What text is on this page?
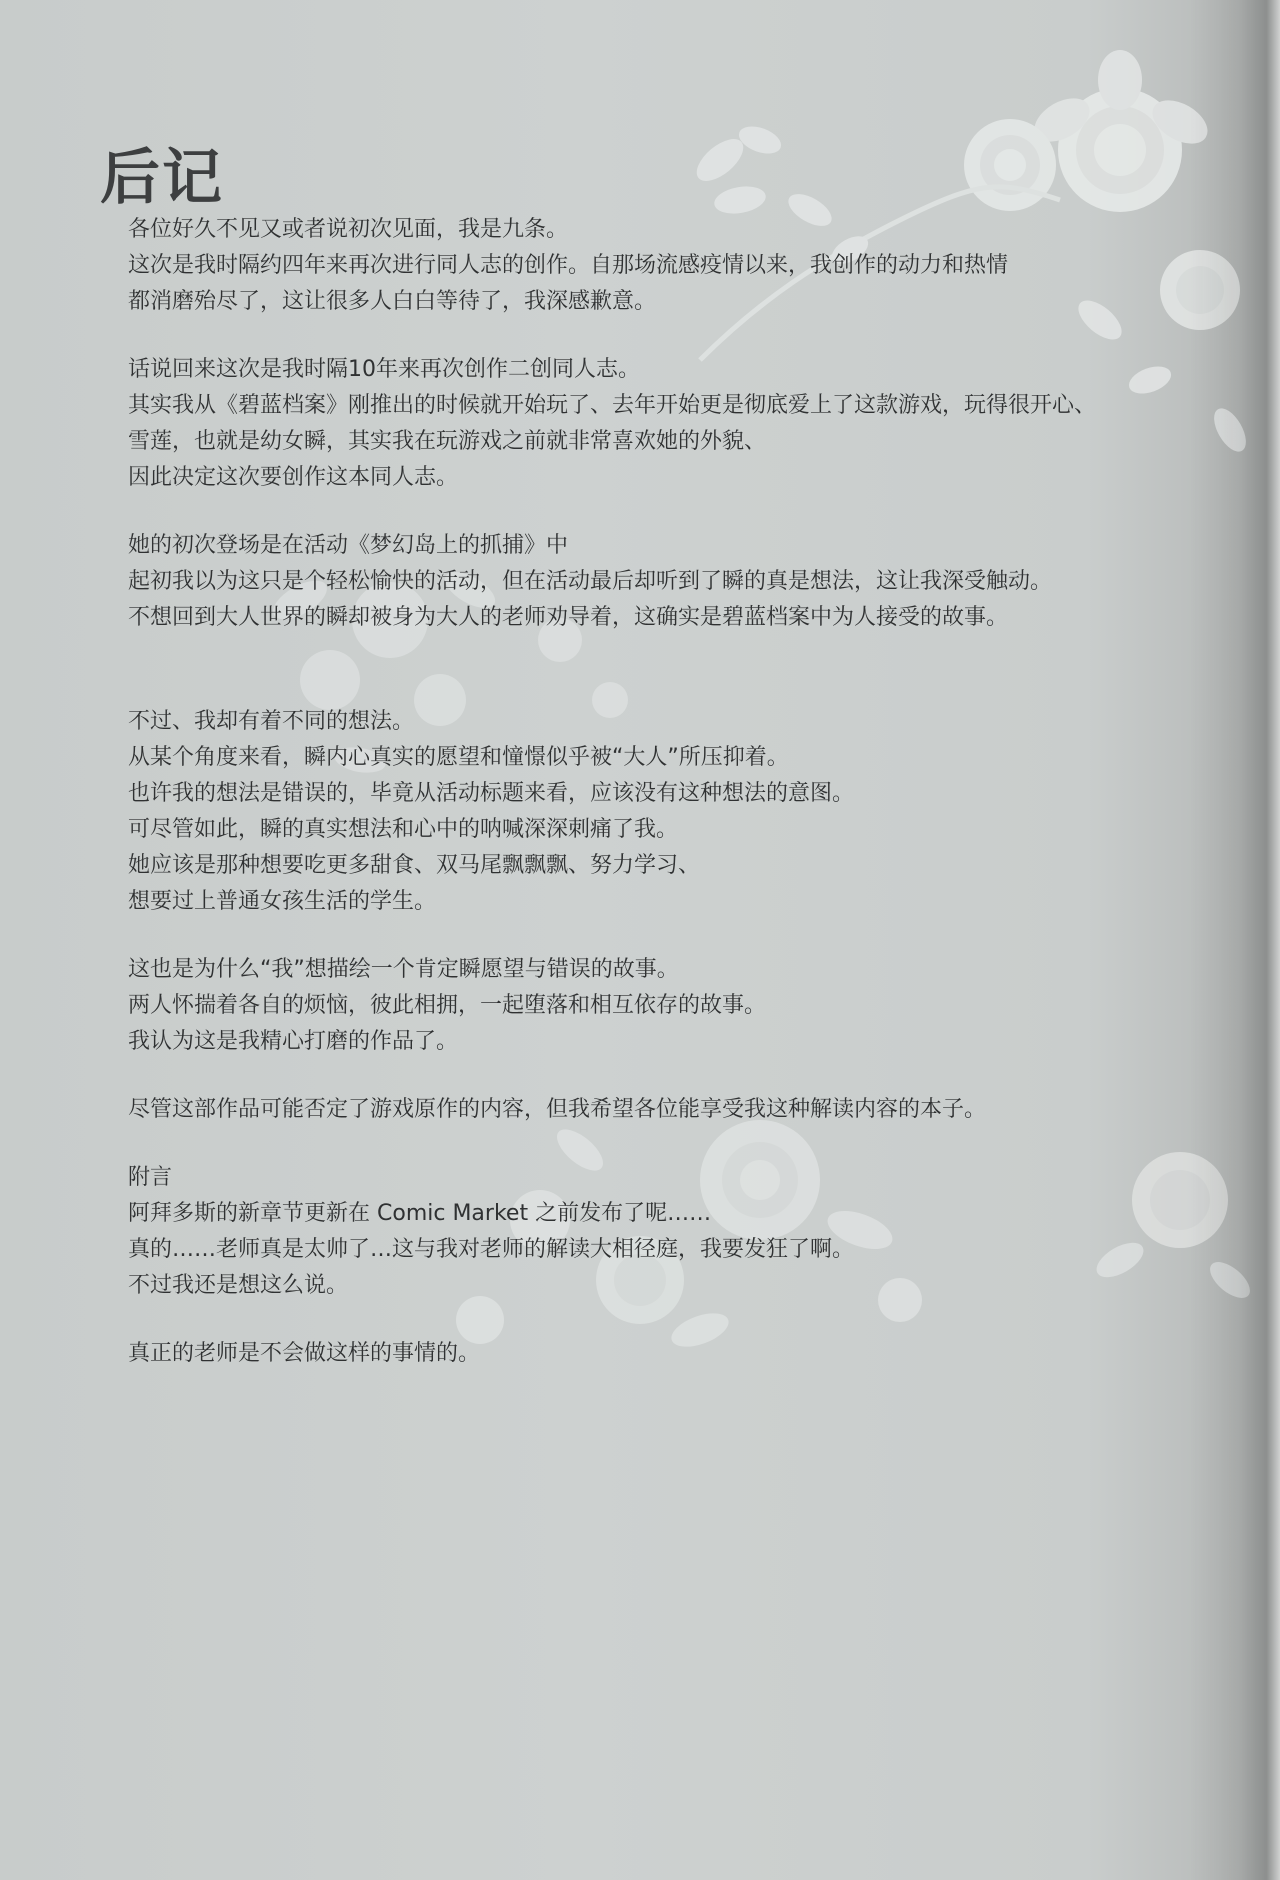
后记
各位好久不见又或者说初次见面，我是九条。
这次是我时隔约四年来再次进行同人志的创作。自那场流感疫情以来，我创作的动力和热情
都消磨殆尽了，这让很多人白白等待了，我深感歉意。
话说回来这次是我时隔10年来再次创作二创同人志。
其实我从《碧蓝档案》刚推出的时候就开始玩了、去年开始更是彻底爱上了这款游戏，玩得很开心、
雪莲，也就是幼女瞬，其实我在玩游戏之前就非常喜欢她的外貌、
因此决定这次要创作这本同人志。
她的初次登场是在活动《梦幻岛上的抓捕》中
起初我以为这只是个轻松愉快的活动，但在活动最后却听到了瞬的真是想法，这让我深受触动。
不想回到大人世界的瞬却被身为大人的老师劝导着，这确实是碧蓝档案中为人接受的故事。
不过、我却有着不同的想法。
从某个角度来看，瞬内心真实的愿望和憧憬似乎被“大人”所压抑着。
也许我的想法是错误的，毕竟从活动标题来看，应该没有这种想法的意图。
可尽管如此，瞬的真实想法和心中的呐喊深深刺痛了我。
她应该是那种想要吃更多甜食、双马尾飘飘飘、努力学习、
想要过上普通女孩生活的学生。
这也是为什么“我”想描绘一个肯定瞬愿望与错误的故事。
两人怀揣着各自的烦恼，彼此相拥，一起堕落和相互依存的故事。
我认为这是我精心打磨的作品了。
尽管这部作品可能否定了游戏原作的内容，但我希望各位能享受我这种解读内容的本子。
附言
阿拜多斯的新章节更新在 Comic Market 之前发布了呢……
真的……老师真是太帅了…这与我对老师的解读大相径庭，我要发狂了啊。
不过我还是想这么说。
真正的老师是不会做这样的事情的。
